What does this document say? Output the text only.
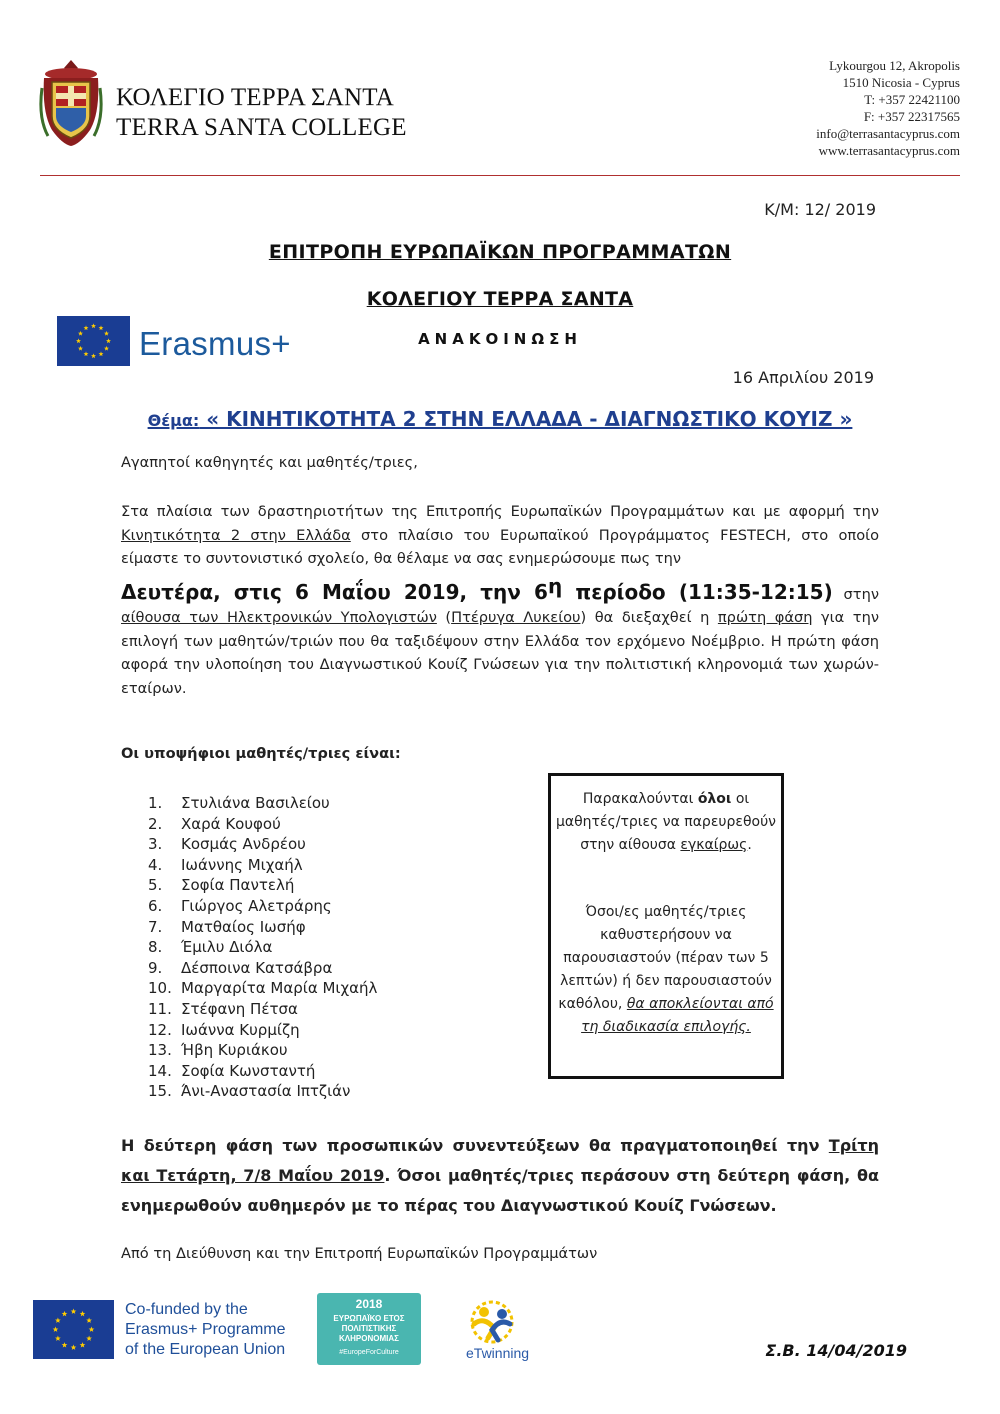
ΚΟΛΕΓΙΟ ΤΕΡΡΑ ΣΑΝΤΑ
TERRA SANTA COLLEGE
Lykourgou 12, Akropolis
1510 Nicosia - Cyprus
T: +357 22421100
F: +357 22317565
info@terrasantacyprus.com
www.terrasantacyprus.com
Κ/Μ: 12/ 2019
ΕΠΙΤΡΟΠΗ ΕΥΡΩΠΑΪΚΩΝ ΠΡΟΓΡΑΜΜΑΤΩΝ
ΚΟΛΕΓΙΟΥ ΤΕΡΡΑ ΣΑΝΤΑ
ΑΝΑΚΟΙΝΩΣΗ
Erasmus+
16 Απριλίου 2019
Θέμα: « ΚΙΝΗΤΙΚΟΤΗΤΑ 2 ΣΤΗΝ ΕΛΛΑΔΑ - ΔΙΑΓΝΩΣΤΙΚΟ ΚΟΥΙΖ »
Αγαπητοί καθηγητές και μαθητές/τριες,
Στα πλαίσια των δραστηριοτήτων της Επιτροπής Ευρωπαϊκών Προγραμμάτων και με αφορμή την Κινητικότητα 2 στην Ελλάδα στο πλαίσιο του Ευρωπαϊκού Προγράμματος FESTECH, στο οποίο είμαστε το συντονιστικό σχολείο, θα θέλαμε να σας ενημερώσουμε πως την
Δευτέρα, στις 6 Μαΐου 2019, την $6^\eta$ περίοδο (11:35-12:15) στην αίθουσα των Ηλεκτρονικών Υπολογιστών (Πτέρυγα Λυκείου) θα διεξαχθεί η πρώτη φάση για την επιλογή των μαθητών/τριών που θα ταξιδέψουν στην Ελλάδα τον ερχόμενο Νοέμβριο. Η πρώτη φάση αφορά την υλοποίηση του Διαγνωστικού Κουίζ Γνώσεων για την πολιτιστική κληρονομιά των χωρών-εταίρων.
Οι υποψήφιοι μαθητές/τριες είναι:
1.	Στυλιάνα Βασιλείου
2.	Χαρά Κουφού
3.	Κοσμάς Ανδρέου
4.	Ιωάννης Μιχαήλ
5.	Σοφία Παντελή
6.	Γιώργος Αλετράρης
7.	Ματθαίος Ιωσήφ
8.	Έμιλυ Διόλα
9.	Δέσποινα Κατσάβρα
10. Μαργαρίτα Μαρία Μιχαήλ
11. Στέφανη Πέτσα
12. Ιωάννα Κυρμίζη
13. Ήβη Κυριάκου
14. Σοφία Κωνσταντή
15. Άνι-Αναστασία Ιπτζιάν
Παρακαλούνται όλοι οι μαθητές/τριες να παρευρεθούν στην αίθουσα εγκαίρως.
Όσοι/ες μαθητές/τριες καθυστερήσουν να παρουσιαστούν (πέραν των 5 λεπτών) ή δεν παρουσιαστούν καθόλου, θα αποκλείονται από τη διαδικασία επιλογής.
Η δεύτερη φάση των προσωπικών συνεντεύξεων θα πραγματοποιηθεί την Τρίτη και Τετάρτη, 7/8 Μαΐου 2019. Όσοι μαθητές/τριες περάσουν στη δεύτερη φάση, θα ενημερωθούν αυθημερόν με το πέρας του Διαγνωστικού Κουίζ Γνώσεων.
Από τη Διεύθυνση και την Επιτροπή Ευρωπαϊκών Προγραμμάτων
Co-funded by the
Erasmus+ Programme
of the European Union
2018
ΕΥΡΩΠΑΪΚΟ ΕΤΟΣ
ΠΟΛΙΤΙΣΤΙΚΗΣ
ΚΛΗΡΟΝΟΜΙΑΣ
#EuropeForCulture	eTwinning	Σ.Β. 14/04/2019
